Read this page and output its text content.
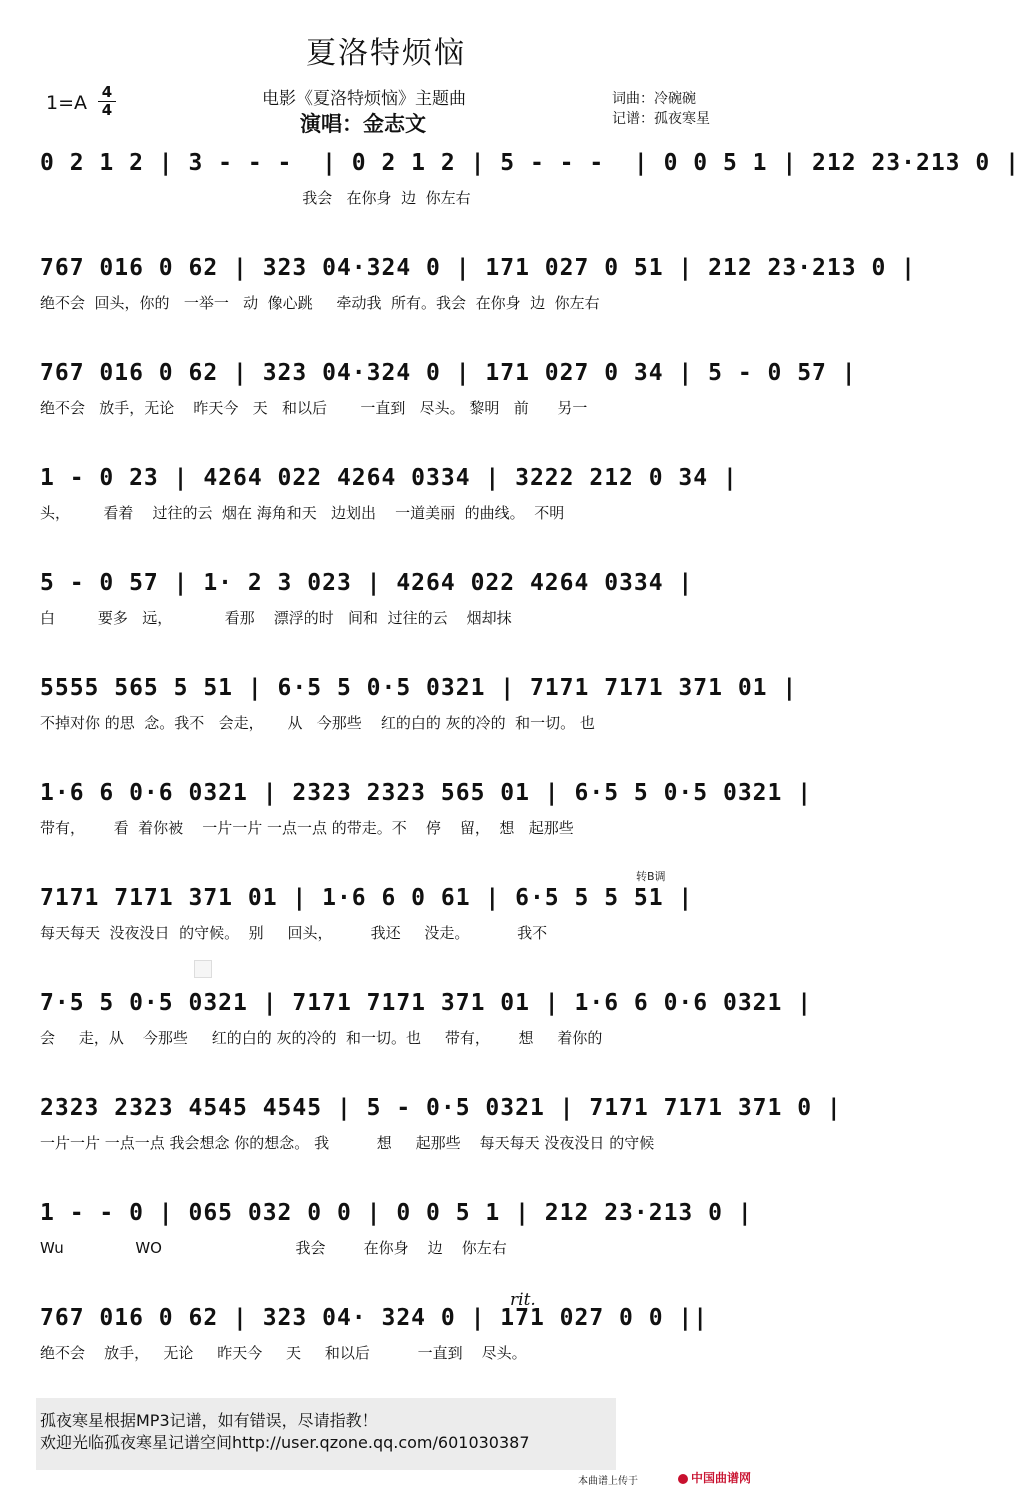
夏洛特烦恼
1=A 4
4
电影《夏洛特烦恼》主题曲
演唱：金志文
词曲：冷碗碗
记谱：孤夜寒星
0 2 1 2 | 3 - - -  | 0 2 1 2 | 5 - - -  | 0 0 5 1 | 212 23·213 0 |
我会   在你身  边  你左右
767 016 0 62 | 323 04·324 0 | 171 027 0 51 | 212 23·213 0 |
绝不会  回头，你的   一举一   动  像心跳     牵动我  所有。我会  在你身  边  你左右
767 016 0 62 | 323 04·324 0 | 171 027 0 34 | 5 - 0 57 |
绝不会   放手，无论    昨天今   天   和以后       一直到   尽头。 黎明   前      另一
1 - 0 23 | 4264 022 4264 0334 | 3222 212 0 34 |
头，       看着    过往的云  烟在 海角和天   边划出    一道美丽  的曲线。  不明
5 - 0 57 | 1· 2 3 023 | 4264 022 4264 0334 |
白         要多   远，           看那    漂浮的时   间和  过往的云    烟却抹
5555 565 5 51 | 6·5 5 0·5 0321 | 7171 7171 371 01 |
不掉对你 的思  念。我不   会走，     从   今那些    红的白的 灰的冷的  和一切。 也
1·6 6 0·6 0321 | 2323 2323 565 01 | 6·5 5 0·5 0321 |
带有，      看  着你被    一片一片 一点一点 的带走。不    停    留，  想   起那些
7171 7171 371 01 | 1·6 6 0 61 | 6·5 5 5 51 |
每天每天  没夜没日  的守候。  别     回头，        我还     没走。          我不
7·5 5 0·5 0321 | 7171 7171 371 01 | 1·6 6 0·6 0321 |
会     走，从    今那些     红的白的 灰的冷的  和一切。也     带有，      想     着你的
2323 2323 4545 4545 | 5 - 0·5 0321 | 7171 7171 371 0 |
一片一片 一点一点 我会想念 你的想念。 我          想     起那些    每天每天 没夜没日 的守候
1 - - 0 | 065 032 0 0 | 0 0 5 1 | 212 23·213 0 |
Wu               WO                            我会        在你身    边    你左右
767 016 0 62 | 323 04· 324 0 | 171 027 0 0 ||
绝不会    放手，   无论     昨天今     天     和以后          一直到    尽头。
转B调
rit.

孤夜寒星根据MP3记谱，如有错误，尽请指教！

欢迎光临孤夜寒星记谱空间http://user.qzone.qq.com/601030387

本曲谱上传于	中国曲谱网
